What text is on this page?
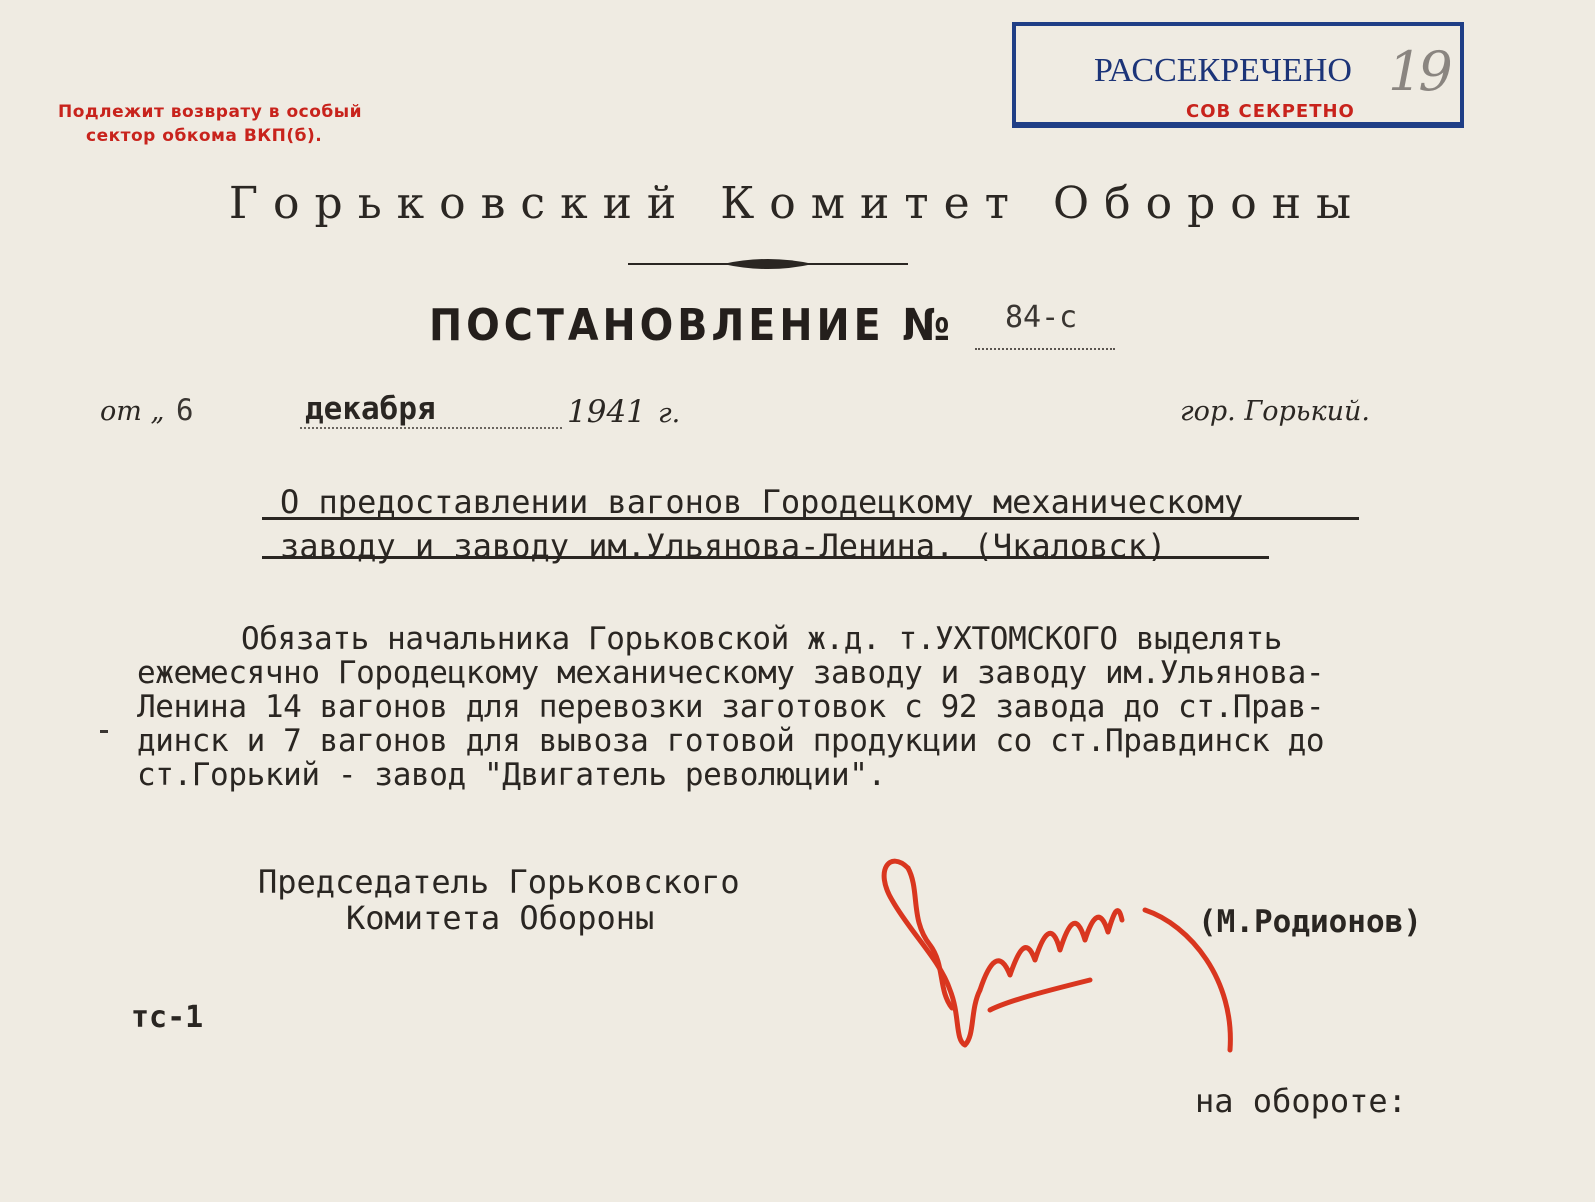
Подлежит возврату в особый
сектор обкома ВКП(б).
РАССЕКРЕЧЕНО
СОВ СЕКРЕТНО
19
Горьковский Комитет Обороны
ПОСТАНОВЛЕНИЕ № 84-с
от „ 6	декабря	1941 г.	гор. Горький.
О предоставлении вагонов Городецкому механическому
заводу и заводу им.Ульянова-Ленина. (Чкаловск)
Обязать начальника Горьковской ж.д. т.УХТОМСКОГО выделять
ежемесячно Городецкому механическому заводу и заводу им.Ульянова-
Ленина 14 вагонов для перевозки заготовок с 92 завода до ст.Прав-
динск и 7 вагонов для вывоза готовой продукции со ст.Правдинск до
ст.Горький - завод "Двигатель революции".
Председатель Горьковского
Комитета Обороны	(М.Родионов)
тс-1
на обороте:
